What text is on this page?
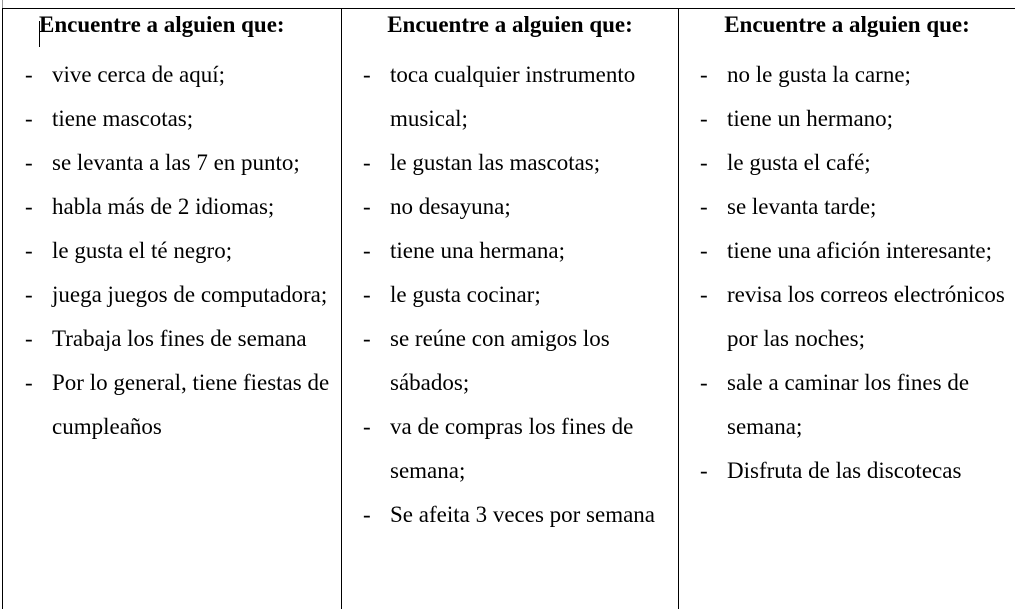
Encuentre a alguien que:
- vive cerca de aquí;
- tiene mascotas;
- se levanta a las 7 en punto;
- habla más de 2 idiomas;
- le gusta el té negro;
- juega juegos de computadora;
- Trabaja los fines de semana
- Por lo general, tiene fiestas de cumpleaños
Encuentre a alguien que:
- toca cualquier instrumento musical;
- le gustan las mascotas;
- no desayuna;
- tiene una hermana;
- le gusta cocinar;
- se reúne con amigos los sábados;
- va de compras los fines de semana;
- Se afeita 3 veces por semana
Encuentre a alguien que:
- no le gusta la carne;
- tiene un hermano;
- le gusta el café;
- se levanta tarde;
- tiene una afición interesante;
- revisa los correos electrónicos por las noches;
- sale a caminar los fines de semana;
- Disfruta de las discotecas
